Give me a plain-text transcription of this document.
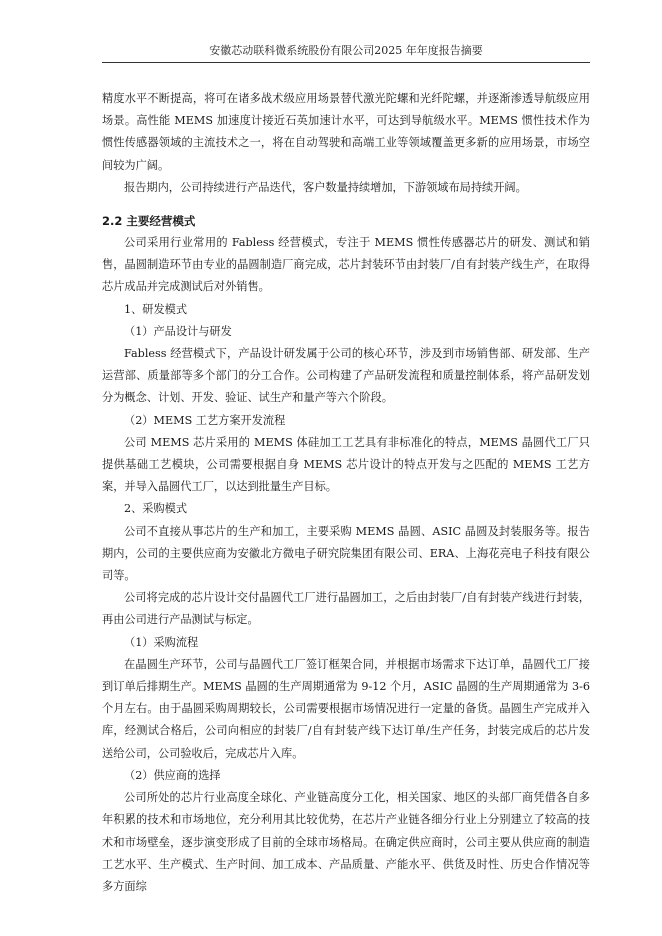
安徽芯动联科微系统股份有限公司2025 年年度报告摘要

精度水平不断提高，将可在诸多战术级应用场景替代激光陀螺和光纤陀螺，并逐渐渗透导航级应用场景。高性能 MEMS 加速度计接近石英加速计水平，可达到导航级水平。MEMS 惯性技术作为惯性传感器领域的主流技术之一，将在自动驾驶和高端工业等领域覆盖更多新的应用场景，市场空间较为广阔。

报告期内，公司持续进行产品迭代，客户数量持续增加，下游领域布局持续开阔。

2.2 主要经营模式

公司采用行业常用的 Fabless 经营模式，专注于 MEMS 惯性传感器芯片的研发、测试和销售，晶圆制造环节由专业的晶圆制造厂商完成，芯片封装环节由封装厂/自有封装产线生产，在取得芯片成品并完成测试后对外销售。

1、研发模式

（1）产品设计与研发

Fabless 经营模式下，产品设计研发属于公司的核心环节，涉及到市场销售部、研发部、生产运营部、质量部等多个部门的分工合作。公司构建了产品研发流程和质量控制体系，将产品研发划分为概念、计划、开发、验证、试生产和量产等六个阶段。

（2）MEMS 工艺方案开发流程

公司 MEMS 芯片采用的 MEMS 体硅加工工艺具有非标准化的特点，MEMS 晶圆代工厂只提供基础工艺模块，公司需要根据自身 MEMS 芯片设计的特点开发与之匹配的 MEMS 工艺方案，并导入晶圆代工厂，以达到批量生产目标。

2、采购模式

公司不直接从事芯片的生产和加工，主要采购 MEMS 晶圆、ASIC 晶圆及封装服务等。报告期内，公司的主要供应商为安徽北方微电子研究院集团有限公司、ERA、上海花亮电子科技有限公司等。

公司将完成的芯片设计交付晶圆代工厂进行晶圆加工，之后由封装厂/自有封装产线进行封装，再由公司进行产品测试与标定。

（1）采购流程

在晶圆生产环节，公司与晶圆代工厂签订框架合同，并根据市场需求下达订单，晶圆代工厂接到订单后排期生产。MEMS 晶圆的生产周期通常为 9-12 个月，ASIC 晶圆的生产周期通常为 3-6 个月左右。由于晶圆采购周期较长，公司需要根据市场情况进行一定量的备货。晶圆生产完成并入库，经测试合格后，公司向相应的封装厂/自有封装产线下达订单/生产任务，封装完成后的芯片发送给公司，公司验收后，完成芯片入库。

（2）供应商的选择

公司所处的芯片行业高度全球化、产业链高度分工化，相关国家、地区的头部厂商凭借各自多年积累的技术和市场地位，充分利用其比较优势，在芯片产业链各细分行业上分别建立了较高的技术和市场壁垒，逐步演变形成了目前的全球市场格局。在确定供应商时，公司主要从供应商的制造工艺水平、生产模式、生产时间、加工成本、产品质量、产能水平、供货及时性、历史合作情况等多方面综
